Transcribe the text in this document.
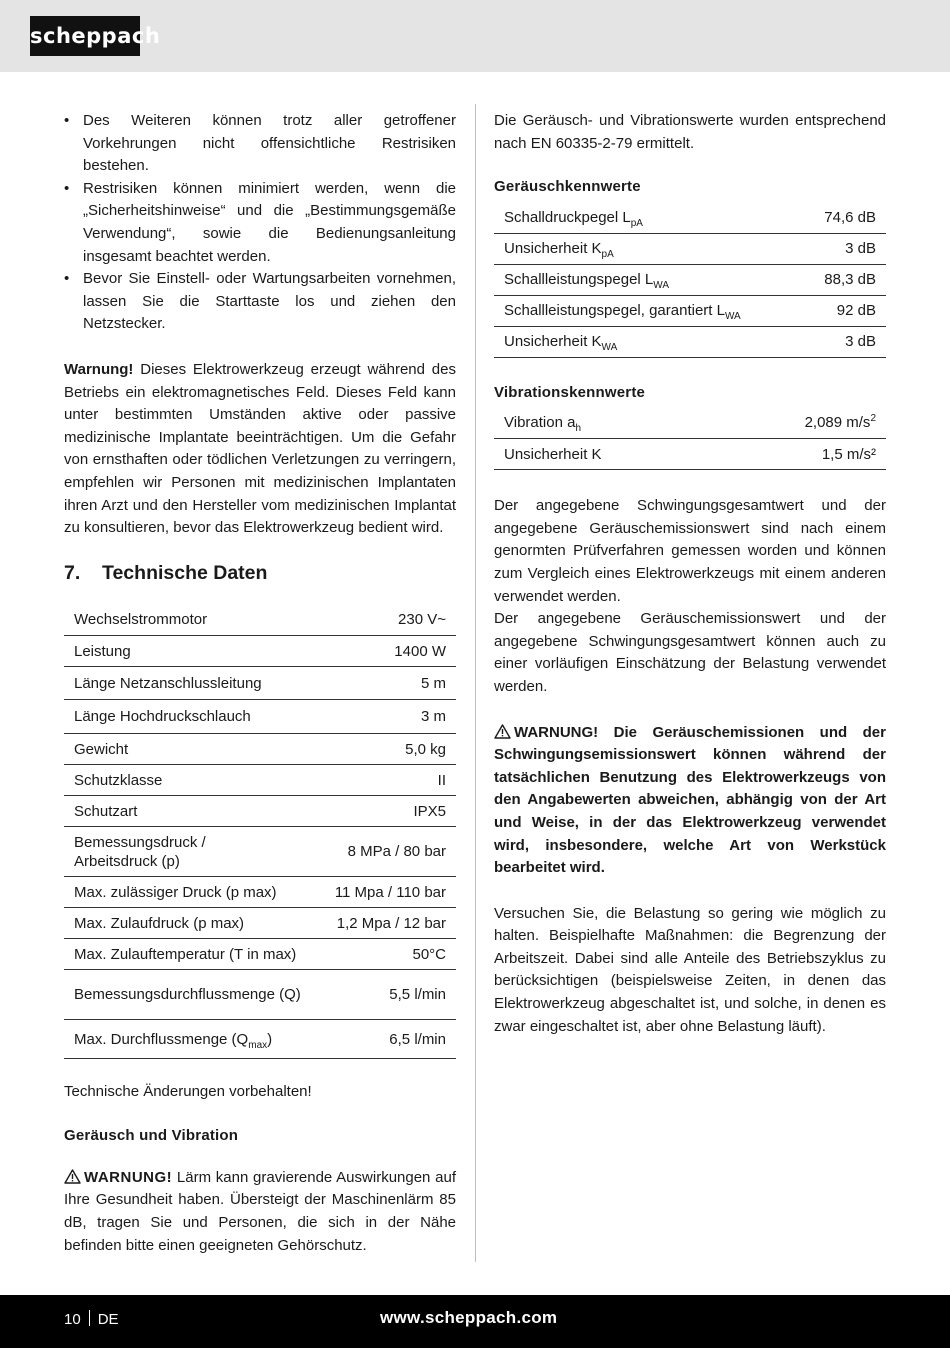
scheppach
• Des Weiteren können trotz aller getroffener Vorkehrungen nicht offensichtliche Restrisiken bestehen.
• Restrisiken können minimiert werden, wenn die „Sicherheitshinweise“ und die „Bestimmungsgemäße Verwendung“, sowie die Bedienungsanleitung insgesamt beachtet werden.
• Bevor Sie Einstell- oder Wartungsarbeiten vornehmen, lassen Sie die Starttaste los und ziehen den Netzstecker.

Warnung! Dieses Elektrowerkzeug erzeugt während des Betriebs ein elektromagnetisches Feld. Dieses Feld kann unter bestimmten Umständen aktive oder passive medizinische Implantate beeinträchtigen. Um die Gefahr von ernsthaften oder tödlichen Verletzungen zu verringern, empfehlen wir Personen mit medizinischen Implantaten ihren Arzt und den Hersteller vom medizinischen Implantat zu konsultieren, bevor das Elektrowerkzeug bedient wird.

7. Technische Daten
Wechselstrommotor	230 V~
Leistung	1400 W
Länge Netzanschlussleitung	5 m
Länge Hochdruckschlauch	3 m
Gewicht	5,0 kg
Schutzklasse	II
Schutzart	IPX5
Bemessungsdruck /
Arbeitsdruck (p)	8 MPa / 80 bar
Max. zulässiger Druck (p max)	11 Mpa / 110 bar
Max. Zulaufdruck (p max)	1,2 Mpa / 12 bar
Max. Zulauftemperatur (T in max)	50°C
Bemessungsdurchflussmenge (Q)	5,5 l/min
Max. Durchflussmenge $(Q_{max})$	6,5 l/min

Technische Änderungen vorbehalten!

Geräusch und Vibration

WARNUNG! Lärm kann gravierende Auswirkungen auf Ihre Gesundheit haben. Übersteigt der Maschinenlärm 85 dB, tragen Sie und Personen, die sich in der Nähe befinden bitte einen geeigneten Gehörschutz.

Die Geräusch- und Vibrationswerte wurden entsprechend nach EN 60335-2-79 ermittelt.

Geräuschkennwerte
Schalldruckpegel $L_{pA}$	74,6 dB
Unsicherheit $K_{pA}$	3 dB
Schallleistungspegel $L_{WA}$	88,3 dB
Schallleistungspegel, garantiert $L_{WA}$	92 dB
Unsicherheit $K_{WA}$	3 dB
Vibrationskennwerte
Vibration $a_h$	2,089 $m/s^2$
Unsicherheit K	1,5 m/s²

Der angegebene Schwingungsgesamtwert und der angegebene Geräuschemissionswert sind nach einem genormten Prüfverfahren gemessen worden und können zum Vergleich eines Elektrowerkzeugs mit einem anderen verwendet werden.

Der angegebene Geräuschemissionswert und der angegebene Schwingungsgesamtwert können auch zu einer vorläufigen Einschätzung der Belastung verwendet werden.

WARNUNG! Die Geräuschemissionen und der Schwingungsemissionswert können während der tatsächlichen Benutzung des Elektrowerkzeugs von den Angabewerten abweichen, abhängig von der Art und Weise, in der das Elektrowerkzeug verwendet wird, insbesondere, welche Art von Werkstück bearbeitet wird.

Versuchen Sie, die Belastung so gering wie möglich zu halten. Beispielhafte Maßnahmen: die Begrenzung der Arbeitszeit. Dabei sind alle Anteile des Betriebszyklus zu berücksichtigen (beispielsweise Zeiten, in denen das Elektrowerkzeug abgeschaltet ist, und solche, in denen es zwar eingeschaltet ist, aber ohne Belastung läuft).

10 DE	www.scheppach.com
